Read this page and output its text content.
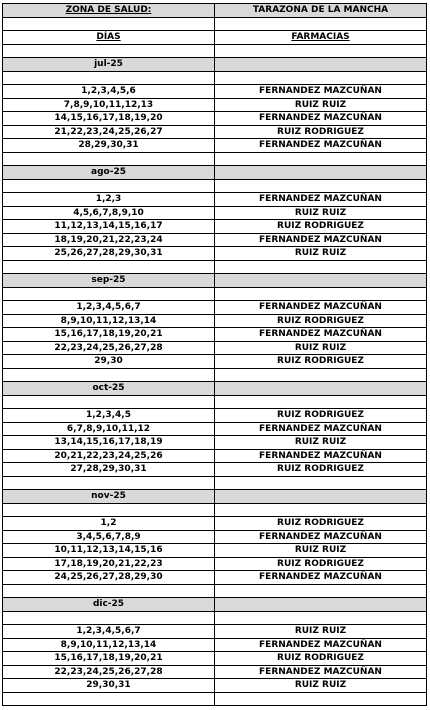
ZONA DE SALUD:	TARAZONA DE LA MANCHA

DÍAS	FARMACIAS

jul-25	

1,2,3,4,5,6	FERNANDEZ MAZCUÑAN
7,8,9,10,11,12,13	RUIZ RUIZ
14,15,16,17,18,19,20	FERNANDEZ MAZCUÑAN
21,22,23,24,25,26,27	RUIZ RODRIGUEZ
28,29,30,31	FERNANDEZ MAZCUÑAN

ago-25	

1,2,3	FERNANDEZ MAZCUÑAN
4,5,6,7,8,9,10	RUIZ RUIZ
11,12,13,14,15,16,17	RUIZ RODRIGUEZ
18,19,20,21,22,23,24	FERNANDEZ MAZCUÑAN
25,26,27,28,29,30,31	RUIZ RUIZ

sep-25	

1,2,3,4,5,6,7	FERNANDEZ MAZCUÑAN
8,9,10,11,12,13,14	RUIZ RODRIGUEZ
15,16,17,18,19,20,21	FERNANDEZ MAZCUÑAN
22,23,24,25,26,27,28	RUIZ RUIZ
29,30	RUIZ RODRIGUEZ

oct-25	

1,2,3,4,5	RUIZ RODRIGUEZ
6,7,8,9,10,11,12	FERNANDEZ MAZCUÑAN
13,14,15,16,17,18,19	RUIZ RUIZ
20,21,22,23,24,25,26	FERNANDEZ MAZCUÑAN
27,28,29,30,31	RUIZ RODRIGUEZ

nov-25	

1,2	RUIZ RODRIGUEZ
3,4,5,6,7,8,9	FERNANDEZ MAZCUÑAN
10,11,12,13,14,15,16	RUIZ RUIZ
17,18,19,20,21,22,23	RUIZ RODRIGUEZ
24,25,26,27,28,29,30	FERNANDEZ MAZCUÑAN

dic-25	

1,2,3,4,5,6,7	RUIZ RUIZ
8,9,10,11,12,13,14	FERNANDEZ MAZCUÑAN
15,16,17,18,19,20,21	RUIZ RODRIGUEZ
22,23,24,25,26,27,28	FERNANDEZ MAZCUÑAN
29,30,31	RUIZ RUIZ
